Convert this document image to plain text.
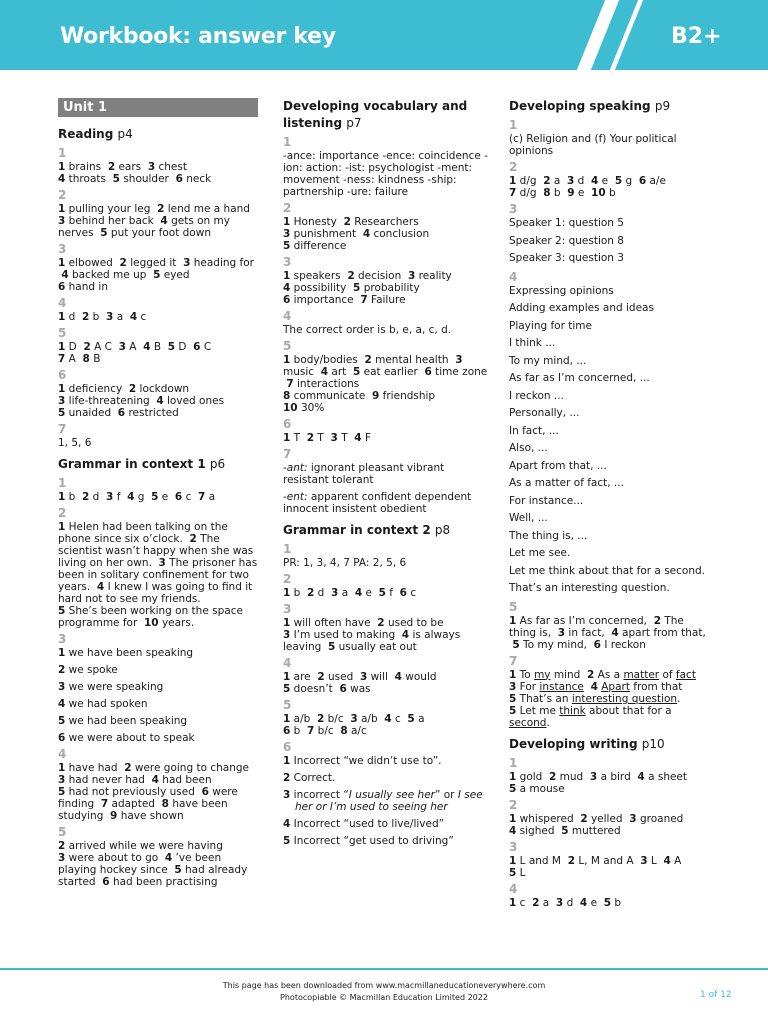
Workbook: answer key	B2+
Unit 1
Reading p4
1
1 brains 2 ears 3 chest
4 throats 5 shoulder 6 neck
2
1 pulling your leg 2 lend me a hand
3 behind her back 4 gets on my nerves 5 put your foot down
3
1 elbowed 2 legged it 3 heading for  4 backed me up 5 eyed
6 hand in
4
1 d 2 b 3 a 4 c
5
1 D 2 A C 3 A 4 B 5 D 6 C
7 A 8 B
6
1 deficiency 2 lockdown
3 life-threatening 4 loved ones
5 unaided 6 restricted
7
1, 5, 6
Grammar in context 1 p6
1
1 b 2 d 3 f 4 g 5 e 6 c 7 a
2
1 Helen had been talking on the phone since six o’clock. 2 The scientist wasn’t happy when she was living on her own. 3 The prisoner has been in solitary confinement for two years. 4 I knew I was going to find it hard not to see my friends.
5 She’s been working on the space programme for 10 years.
3
1 we have been speaking
2 we spoke
3 we were speaking
4 we had spoken
5 we had been speaking
6 we were about to speak
4
1 have had 2 were going to change
3 had never had 4 had been
5 had not previously used 6 were finding 7 adapted 8 have been studying 9 have shown
5
2 arrived while we were having
3 were about to go 4 ’ve been playing hockey since 5 had already started 6 had been practising
Developing vocabulary and listening p7
1
-ance: importance -ence: coincidence -ion: action: -ist: psychologist -ment: movement -ness: kindness -ship: partnership -ure: failure
2
1 Honesty 2 Researchers
3 punishment 4 conclusion
5 difference
3
1 speakers 2 decision 3 reality
4 possibility 5 probability
6 importance 7 Failure
4
The correct order is b, e, a, c, d.
5
1 body/bodies 2 mental health 3 music 4 art 5 eat earlier 6 time zone  7 interactions
8 communicate 9 friendship
10 30%
6
1 T 2 T 3 T 4 F
7
-ant: ignorant pleasant vibrant resistant tolerant
-ent: apparent confident dependent innocent insistent obedient
Grammar in context 2 p8
1
PR: 1, 3, 4, 7 PA: 2, 5, 6
2
1 b 2 d 3 a 4 e 5 f 6 c
3
1 will often have 2 used to be
3 I’m used to making 4 is always leaving 5 usually eat out
4
1 are 2 used 3 will 4 would
5 doesn’t 6 was
5
1 a/b 2 b/c 3 a/b 4 c 5 a
6 b 7 b/c 8 a/c
6
1 Incorrect “we didn’t use to”.
2 Correct.
3 incorrect “I usually see her” or I see her or I’m used to seeing her
4 Incorrect “used to live/lived”
5 Incorrect “get used to driving”
Developing speaking p9
1
(c) Religion and (f) Your political opinions
2
1 d/g 2 a 3 d 4 e 5 g 6 a/e
7 d/g 8 b 9 e 10 b
3
Speaker 1: question 5
Speaker 2: question 8
Speaker 3: question 3
4
Expressing opinions
Adding examples and ideas
Playing for time
I think ...
To my mind, ...
As far as I’m concerned, ...
I reckon ...
Personally, ...
In fact, ...
Also, ...
Apart from that, ...
As a matter of fact, ...
For instance...
Well, ...
The thing is, ...
Let me see.
Let me think about that for a second.
That’s an interesting question.
5
1 As far as I’m concerned, 2 The thing is, 3 in fact, 4 apart from that,  5 To my mind, 6 I reckon
7
1 To my mind 2 As a matter of fact
3 For instance 4 Apart from that
5 That’s an interesting question.
5 Let me think about that for a second.
Developing writing p10
1
1 gold 2 mud 3 a bird 4 a sheet
5 a mouse
2
1 whispered 2 yelled 3 groaned
4 sighed 5 muttered
3
1 L and M 2 L, M and A 3 L 4 A
5 L
4
1 c 2 a 3 d 4 e 5 b
This page has been downloaded from www.macmillaneducationeverywhere.com
Photocopiable © Macmillan Education Limited 2022	1 of 12
